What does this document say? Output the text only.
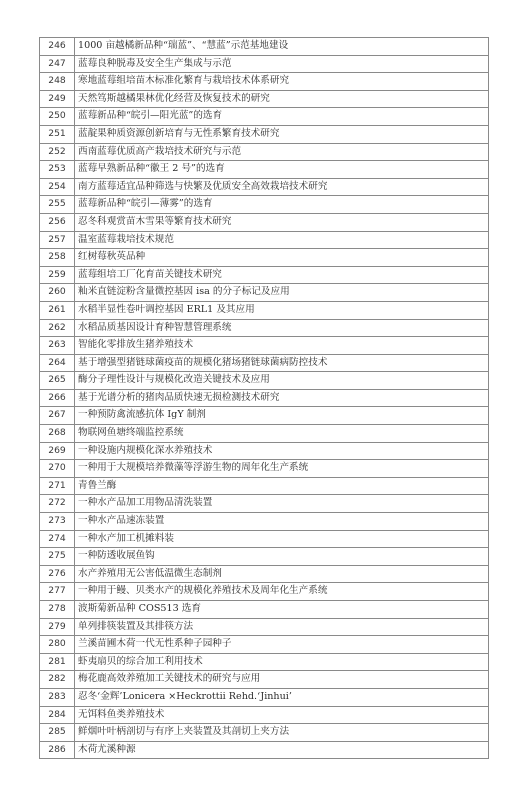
246	1000 亩越橘新品种“瑞蓝”、“慧蓝”示范基地建设
247	蓝莓良种脱毒及安全生产集成与示范
248	寒地蓝莓组培苗木标准化繁育与栽培技术体系研究
249	天然笃斯越橘果林优化经营及恢复技术的研究
250	蓝莓新品种“皖引—阳光蓝”的选育
251	蓝靛果种质资源创新培育与无性系繁育技术研究
252	西南蓝莓优质高产栽培技术研究与示范
253	蓝莓早熟新品种“徽王 2 号”的选育
254	南方蓝莓适宜品种筛选与快繁及优质安全高效栽培技术研究
255	蓝莓新品种“皖引—薄雾”的选育
256	忍冬科观赏苗木雪果等繁育技术研究
257	温室蓝莓栽培技术规范
258	红树莓秋英品种
259	蓝莓组培工厂化育苗关键技术研究
260	籼米直链淀粉含量微控基因 isa 的分子标记及应用
261	水稻半显性卷叶调控基因 ERL1 及其应用
262	水稻品质基因设计育种智慧管理系统
263	智能化零排放生猪养殖技术
264	基于增强型猪链球菌疫苗的规模化猪场猪链球菌病防控技术
265	酶分子理性设计与规模化改造关键技术及应用
266	基于光谱分析的猪肉品质快速无损检测技术研究
267	一种预防禽流感抗体 IgY 制剂
268	物联网鱼塘终端监控系统
269	一种设施内规模化深水养殖技术
270	一种用于大规模培养微藻等浮游生物的周年化生产系统
271	青鲁兰酶
272	一种水产品加工用物品清洗装置
273	一种水产品速冻装置
274	一种水产加工机摊料装
275	一种防透收展鱼钩
276	水产养殖用无公害低温微生态制剂
277	一种用于鳗、贝类水产的规模化养殖技术及周年化生产系统
278	波斯菊新品种 COS513 选育
279	单列排筷装置及其排筷方法
280	兰溪苗圃木荷一代无性系种子园种子
281	虾夷扇贝的综合加工利用技术
282	梅花鹿高效养殖加工关键技术的研究与应用
283	忍冬‘金辉’Lonicera ×Heckrottii Rehd.‘Jinhui’
284	无饵料鱼类养殖技术
285	鲜烟叶叶柄剖切与有序上夹装置及其剖切上夹方法
286	木荷尤溪种源
